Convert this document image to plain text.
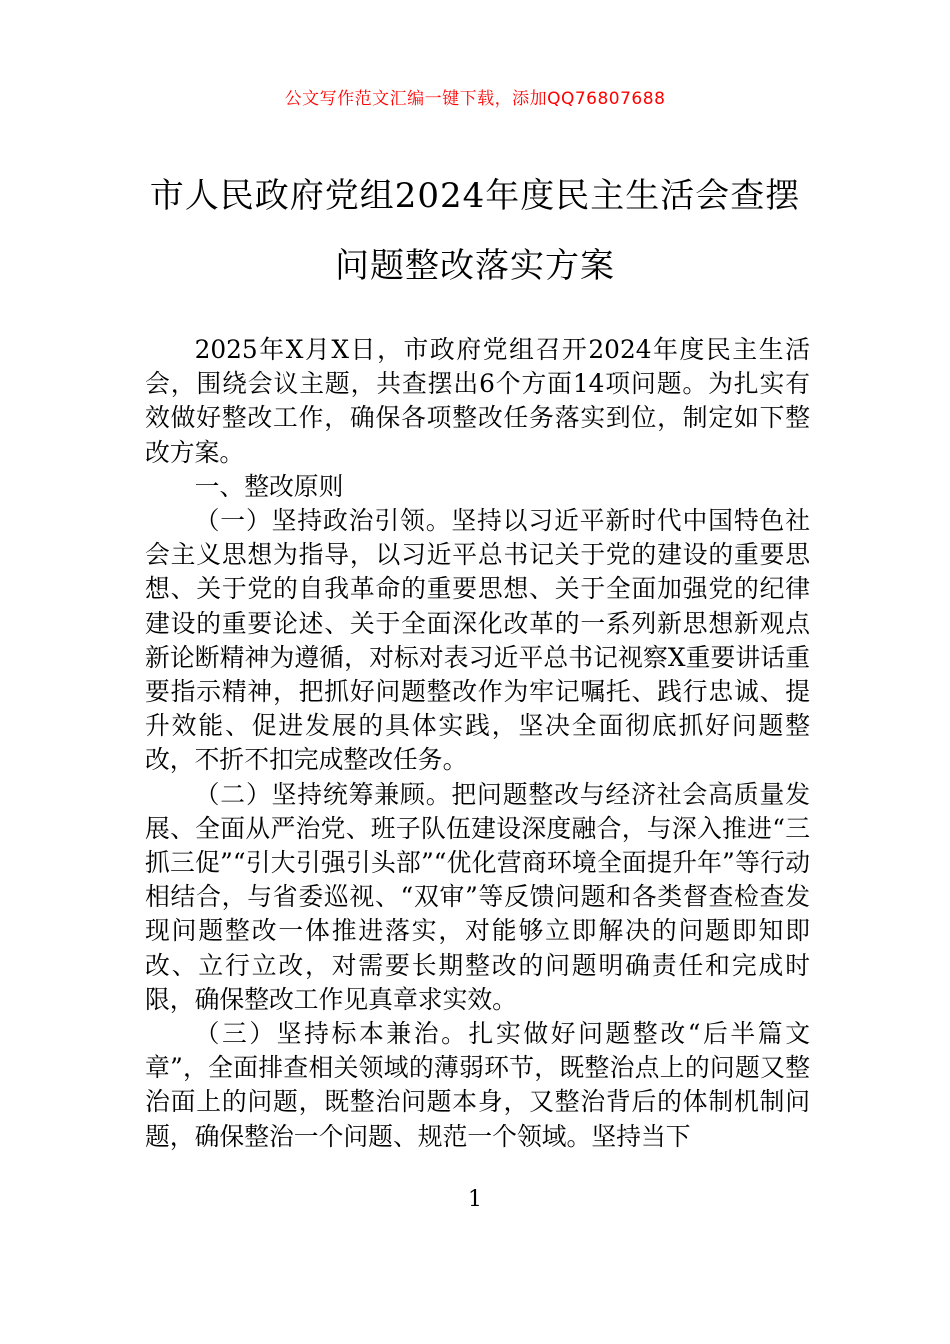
公文写作范文汇编一键下载，添加QQ76807688
市人民政府党组2024年度民主生活会查摆
问题整改落实方案

2025年X月X日，市政府党组召开2024年度民主生活会，围绕会议主题，共查摆出6个方面14项问题。为扎实有效做好整改工作，确保各项整改任务落实到位，制定如下整改方案。

一、整改原则

（一）坚持政治引领。坚持以习近平新时代中国特色社会主义思想为指导，以习近平总书记关于党的建设的重要思想、关于党的自我革命的重要思想、关于全面加强党的纪律建设的重要论述、关于全面深化改革的一系列新思想新观点新论断精神为遵循，对标对表习近平总书记视察X重要讲话重要指示精神，把抓好问题整改作为牢记嘱托、践行忠诚、提升效能、促进发展的具体实践，坚决全面彻底抓好问题整改，不折不扣完成整改任务。

（二）坚持统筹兼顾。把问题整改与经济社会高质量发展、全面从严治党、班子队伍建设深度融合，与深入推进“三抓三促”“引大引强引头部”“优化营商环境全面提升年”等行动相结合，与省委巡视、“双审”等反馈问题和各类督查检查发现问题整改一体推进落实，对能够立即解决的问题即知即改、立行立改，对需要长期整改的问题明确责任和完成时限，确保整改工作见真章求实效。

（三）坚持标本兼治。扎实做好问题整改“后半篇文章”，全面排查相关领域的薄弱环节，既整治点上的问题又整治面上的问题，既整治问题本身，又整治背后的体制机制问题，确保整治一个问题、规范一个领域。坚持当下

1
